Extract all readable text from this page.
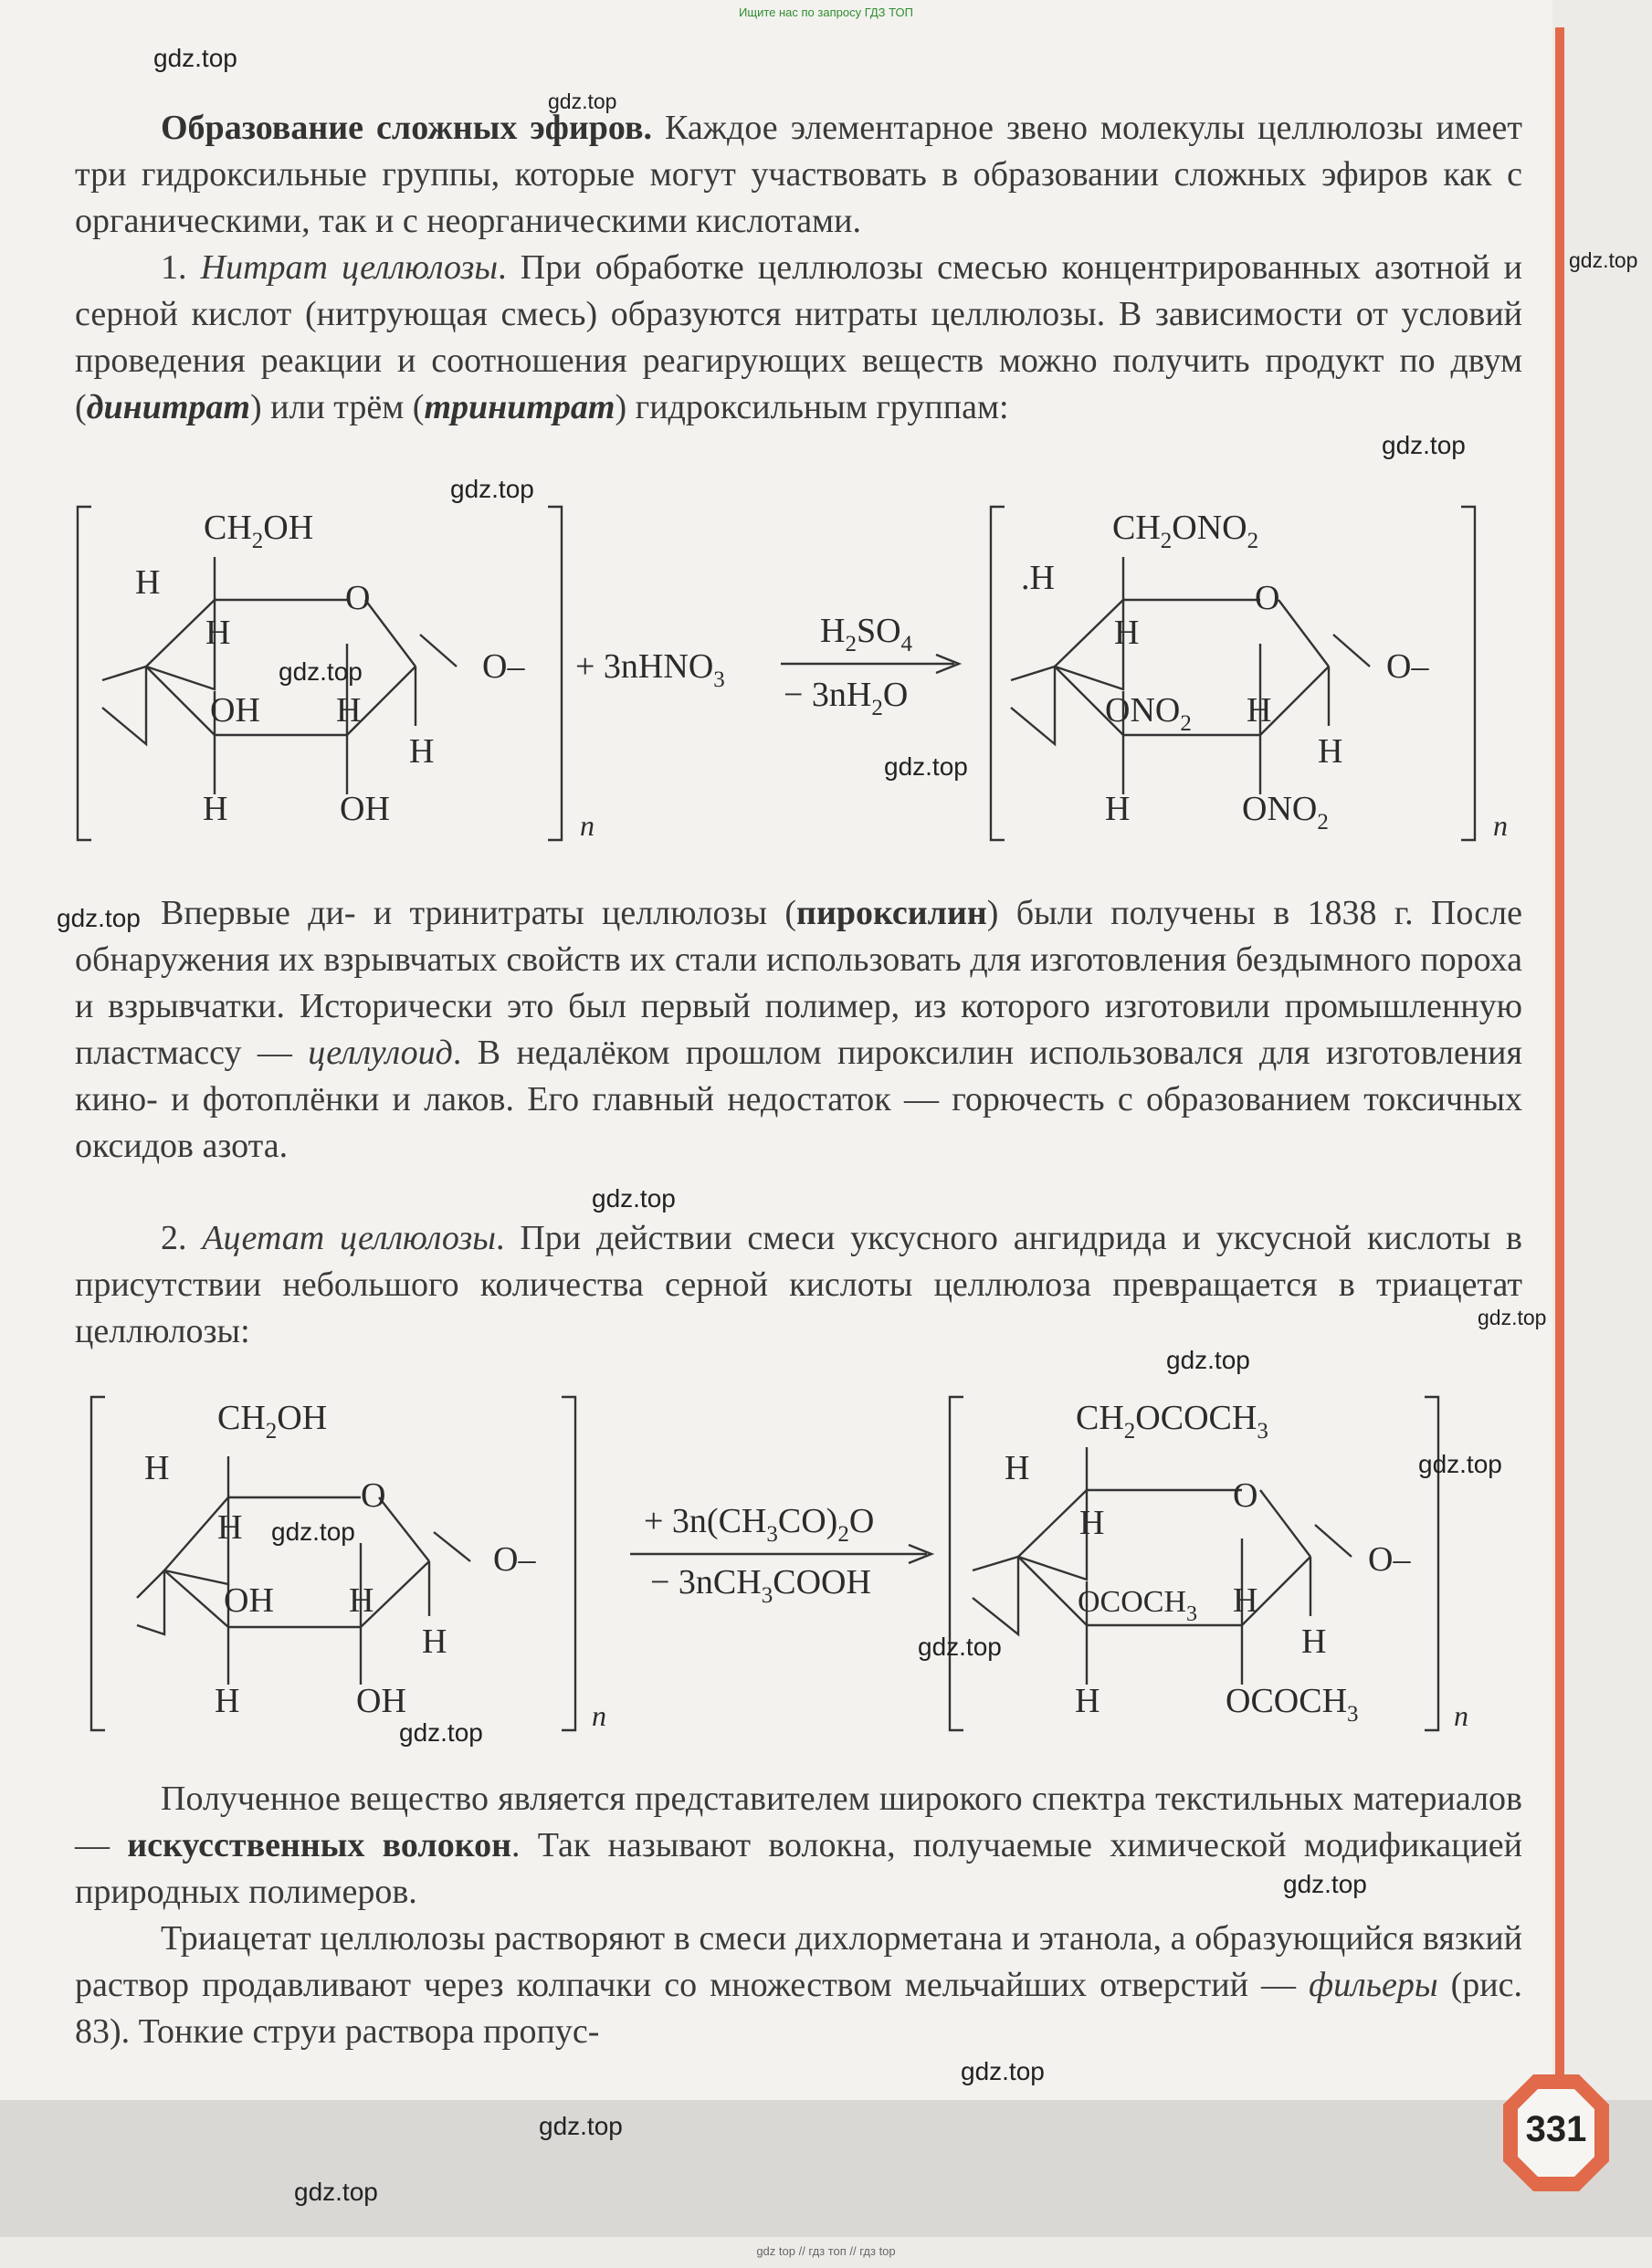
Ищите нас по запросу ГДЗ ТОП

Образование сложных эфиров. Каждое элементарное звено молекулы целлюлозы имеет три гидроксильные группы, которые могут участвовать в образовании сложных эфиров как с органическими, так и с неорганическими кислотами.

1. Нитрат целлюлозы. При обработке целлюлозы смесью концентрированных азотной и серной кислот (нитрующая смесь) образуются нитраты целлюлозы. В зависимости от условий проведения реакции и соотношения реагирующих веществ можно получить продукт по двум (динитрат) или трём (тринитрат) гидроксильным группам:

$CH_2OH$
H	O
H
O–
OH H
H
H	OH	n
+ 3nHNO$_3$
$H_2SO_4$
− $3nH_2O$
$CH_2ONO_2$
.H
O
H
O–
$ONO_2$ H
H
H	$ONO_2$	n

Впервые ди- и тринитраты целлюлозы (пироксилин) были получены в 1838 г. После обнаружения их взрывчатых свойств их стали использовать для изготовления бездымного пороха и взрывчатки. Исторически это был первый полимер, из которого изготовили промышленную пластмассу — целлулоид. В недалёком прошлом пироксилин использовался для изготовления кино- и фотоплёнки и лаков. Его главный недостаток — горючесть с образованием токсичных оксидов азота.

2. Ацетат целлюлозы. При действии смеси уксусного ангидрида и уксусной кислоты в присутствии небольшого количества серной кислоты целлюлоза превращается в триацетат целлюлозы:

$CH_2OH$
H
O
H
O–
OH H
H
H	OH	n
+ $3n(CH_3CO)_2O$
− 3nCH$_3$COOH
$CH_2OCOCH_3$
H
O
H
O–
$OCOCH_3$ H
H
H	$OCOCH_3$	n

Полученное вещество является представителем широкого спектра текстильных материалов — искусственных волокон. Так называют волокна, получаемые химической модификацией природных полимеров.

Триацетат целлюлозы растворяют в смеси дихлорметана и этанола, а образующийся вязкий раствор продавливают через колпачки со множеством мельчайших отверстий — фильеры (рис. 83). Тонкие струи раствора пропус-

331
gdz.top
gdz.top
gdz.top
gdz.top
gdz.top
gdz.top
gdz.top
gdz.top
gdz.top
gdz.top
gdz.top
gdz.top
gdz.top
gdz.top
gdz.top
gdz.top
gdz.top
gdz.top
gdz.top
gdz top // гдз топ // гдз top
